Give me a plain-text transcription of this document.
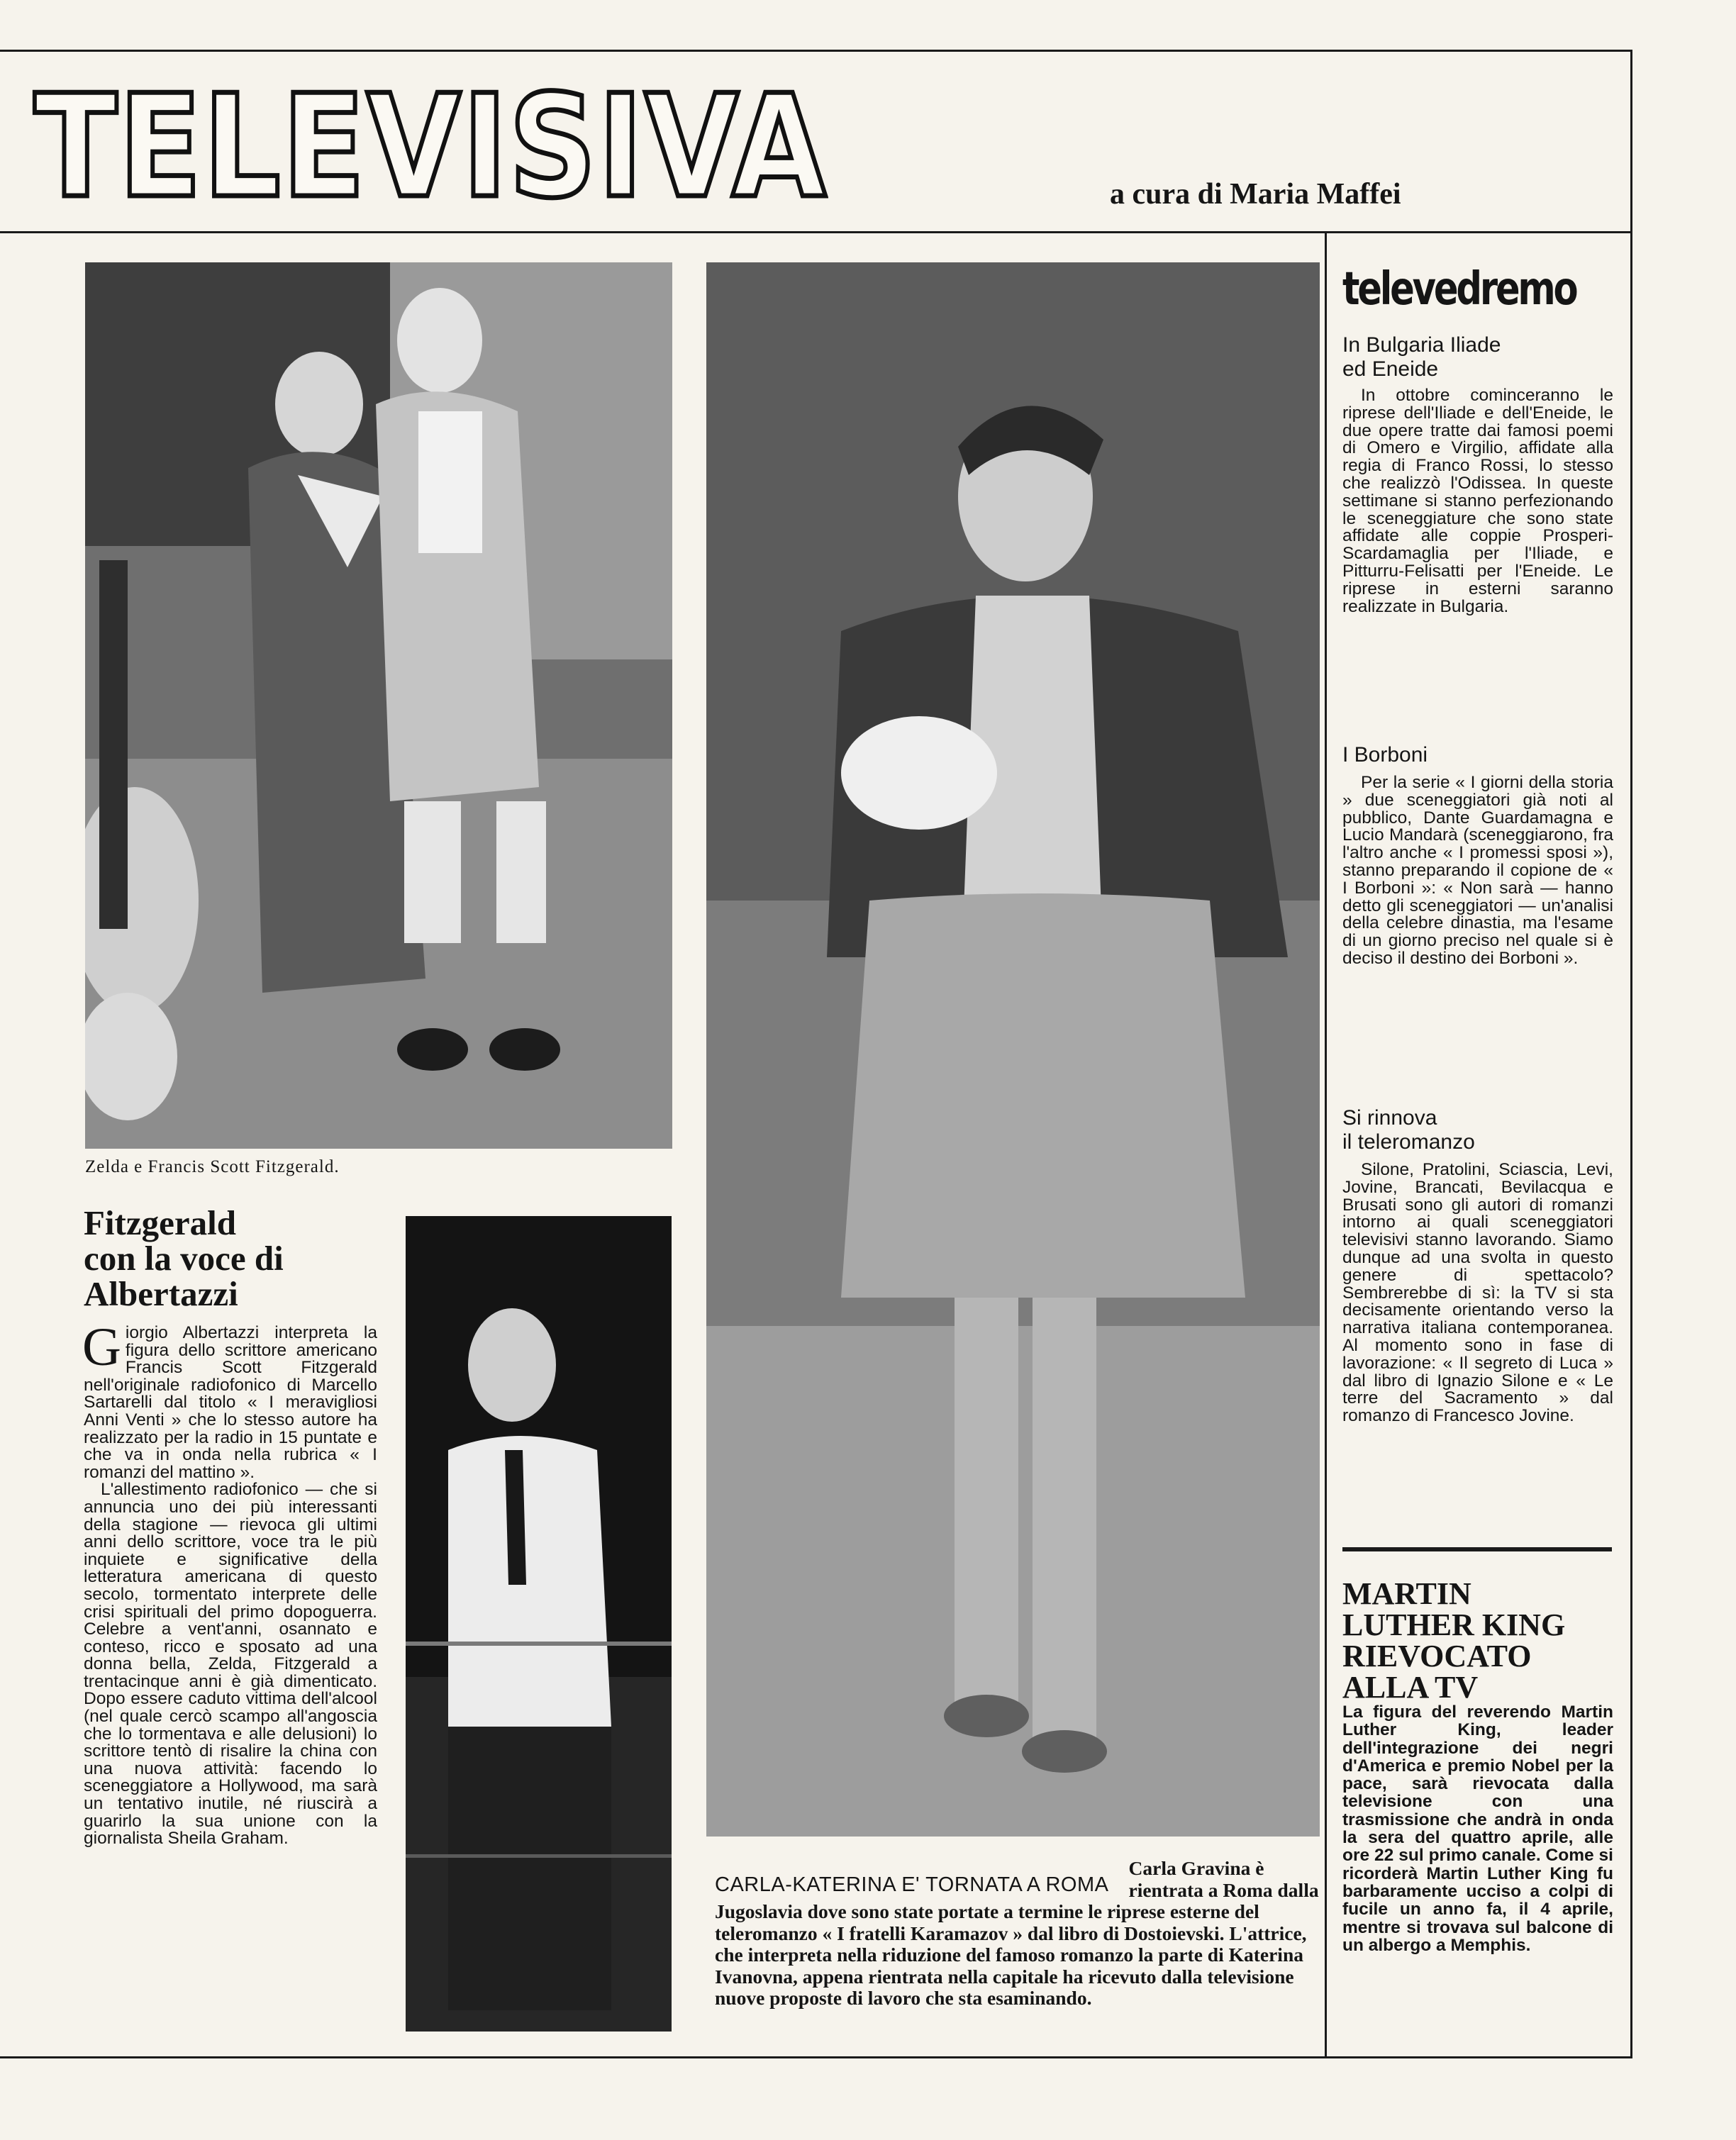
TELEVISIVA	a cura di Maria Maffei
Zelda e Francis Scott Fitzgerald.
Fitzgerald
con la voce di
Albertazzi

Giorgio Albertazzi interpreta la figura dello scrittore americano Francis Scott Fitzgerald nell'originale radiofonico di Marcello Sartarelli dal titolo « I meravigliosi Anni Venti » che lo stesso autore ha realizzato per la radio in 15 puntate e che va in onda nella rubrica « I romanzi del mattino ».

L'allestimento radiofonico — che si annuncia uno dei più interessanti della stagione — rievoca gli ultimi anni dello scrittore, voce tra le più inquiete e significative della letteratura americana di questo secolo, tormentato interprete delle crisi spirituali del primo dopoguerra. Celebre a vent'anni, osannato e conteso, ricco e sposato ad una donna bella, Zelda, Fitzgerald a trentacinque anni è già dimenticato. Dopo essere caduto vittima dell'alcool (nel quale cercò scampo all'angoscia che lo tormentava e alle delusioni) lo scrittore tentò di risalire la china con una nuova attività: facendo lo sceneggiatore a Hollywood, ma sarà un tentativo inutile, né riuscirà a guarirlo la sua unione con la giornalista Sheila Graham.

CARLA-KATERINA E' TORNATA A ROMA
Carla Gravina è rientrata a Roma dalla Jugoslavia dove sono state portate a termine le riprese esterne del teleromanzo « I fratelli Karamazov » dal libro di Dostoievski. L'attrice, che interpreta nella riduzione del famoso romanzo la parte di Katerina Ivanovna, appena rientrata nella capitale ha ricevuto dalla televisione nuove proposte di lavoro che sta esaminando.
televedremo
In Bulgaria Iliade
ed Eneide

In ottobre cominceranno le riprese dell'Iliade e dell'Eneide, le due opere tratte dai famosi poemi di Omero e Virgilio, affidate alla regia di Franco Rossi, lo stesso che realizzò l'Odissea. In queste settimane si stanno perfezionando le sceneggiature che sono state affidate alle coppie Prosperi-Scardamaglia per l'Iliade, e Pitturru-Felisatti per l'Eneide. Le riprese in esterni saranno realizzate in Bulgaria.

I Borboni

Per la serie « I giorni della storia » due sceneggiatori già noti al pubblico, Dante Guardamagna e Lucio Mandarà (sceneggiarono, fra l'altro anche « I promessi sposi »), stanno preparando il copione de « I Borboni »: « Non sarà — hanno detto gli sceneggiatori — un'analisi della celebre dinastia, ma l'esame di un giorno preciso nel quale si è deciso il destino dei Borboni ».

Si rinnova
il teleromanzo

Silone, Pratolini, Sciascia, Levi, Jovine, Brancati, Bevilacqua e Brusati sono gli autori di romanzi intorno ai quali sceneggiatori televisivi stanno lavorando. Siamo dunque ad una svolta in questo genere di spettacolo? Sembrerebbe di sì: la TV si sta decisamente orientando verso la narrativa italiana contemporanea. Al momento sono in fase di lavorazione: « Il segreto di Luca » dal libro di Ignazio Silone e « Le terre del Sacramento » dal romanzo di Francesco Jovine.

MARTIN
LUTHER KING
RIEVOCATO
ALLA TV

La figura del reverendo Martin Luther King, leader dell'integrazione dei negri d'America e premio Nobel per la pace, sarà rievocata dalla televisione con una trasmissione che andrà in onda la sera del quattro aprile, alle ore 22 sul primo canale. Come si ricorderà Martin Luther King fu barbaramente ucciso a colpi di fucile un anno fa, il 4 aprile, mentre si trovava sul balcone di un albergo a Memphis.
